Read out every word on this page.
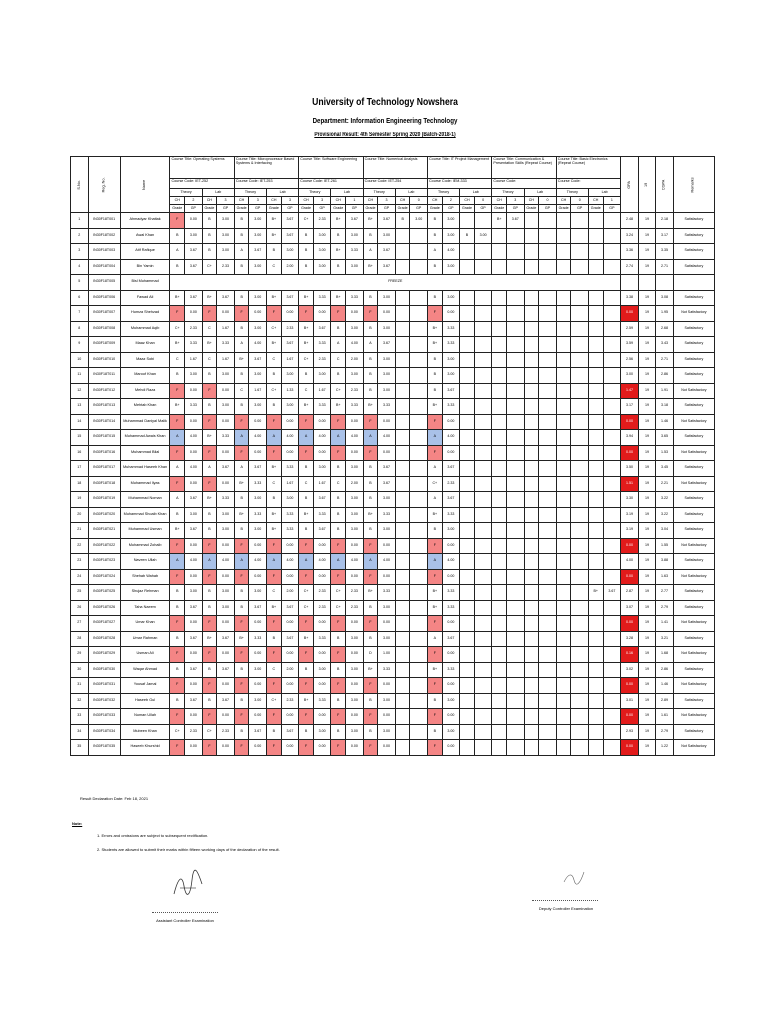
University of Technology Nowshera
Department: Information Engineering Technology
Provisional Result: 4th Semester Spring 2020 (Batch-2018-1)
S.No.	Reg. No.	Name	Course Title: Operating Systems				Course Title: Microprocessor Based Systems & Interfacing				Course Title: Software Engineering				Course Title: Numerical Analysis				Course Title: IT Project Management				Course Title: Communication & Presentation Skills (Repeat Course)				Course Title: Basic Electronics (Repeat Course)				GPA	19	CGPA	Remarks
			Course Code: IET-252				Course Code: IET-253				Course Code: IET-261				Course Code: IET-254				Course Code: IEM-333				Course Code:				Course Code:							
			Theory		Lab		Theory		Lab		Theory		Lab		Theory		Lab		Theory		Lab		Theory		Lab		Theory		Lab					
			CH	2	CH	3	CH	3	CH	3	CH	3	CH	1	CH	3	CH	0	CH	2	CH	0	CH	3	CH	0	CH	0	CH	1				
			Grade	GP	Grade	GP	Grade	GP	Grade	GP	Grade	GP	Grade	GP	Grade	GP	Grade	GP	Grade	GP	Grade	GP	Grade	GP	Grade	GP	Grade	GP	Grade	GP				
1	IN30F18T001	Ahmadyar Khattak	F	0.00	B	3.00	B	3.00	B+	3.67	C+	2.33	B+	3.67	B+	3.67	B	3.00	B	3.00			B+	3.67							2.48	19	2.18	Satisfactory
2	IN30F18T002	Awal Khan	B	3.00	B	3.00	B	3.00	B+	3.67	B	3.00	B	3.00	B	3.00			B	3.00	B	3.00									3.24	19	3.17	Satisfactory
3	IN30F18T003	Atif Rafique	A	3.67	B	3.00	A	3.67	B	3.00	B	3.00	B+	3.33	A	3.67			A	4.00											3.36	19	3.35	Satisfactory
4	IN30F18T004	Bin Yamin	B	3.67	C+	2.33	B	3.00	C	2.00	B	3.00	B	3.00	B+	3.67			B	3.00											2.74	19	2.71	Satisfactory
5	IN30F18T005	Bisl Muhammad	FREEZE																															
6	IN30F18T006	Fawad Ali	B+	3.67	B+	3.67	B	3.00	B+	3.67	B+	3.33	B+	3.33	B	3.00			B	3.00											3.38	19	3.08	Satisfactory
7	IN30F18T007	Humza Shehzad	F	0.00	F	0.00	F	0.00	F	0.00	F	0.00	F	0.00	F	0.00			F	0.00											0.00	19	1.95	Not Satisfactory
8	IN30F18T008	Muhammad Aqib	C+	2.33	C	1.67	B	3.00	C+	2.33	B+	3.67	B	3.00	B	3.00			B+	3.33											2.59	19	2.68	Satisfactory
9	IN30F18T009	Maaz Khan	B+	3.33	B+	3.33	A	4.00	B+	3.67	B+	3.33	A	4.00	A	3.67			B+	3.33											3.59	19	3.43	Satisfactory
10	IN30F18T010	Maaz Sobi	C	1.67	C	1.67	B+	3.67	C	1.67	C+	2.33	C	2.00	B	3.00			B	3.00											2.56	19	2.71	Satisfactory
11	IN30F18T011	Maroof Khan	B	3.00	B	3.00	B	3.00	B	3.00	B	3.00	B	3.00	B	3.00			B	3.00											3.00	19	2.86	Satisfactory
12	IN30F18T012	Mehdi Raza	F	0.00	F	0.00	C	1.67	C+	1.33	C	1.67	C+	2.33	B	3.00			B	3.67											1.47	19	1.91	Not Satisfactory
13	IN30F18T013	Mehtab Khan	B+	3.33	B	3.00	B	3.00	B	3.00	B+	3.33	B+	3.33	B+	3.33			B+	3.33											3.17	19	3.18	Satisfactory
14	IN30F18T014	Muhammad Daniyal Malik	F	0.00	F	0.00	F	0.00	F	0.00	F	0.00	F	0.00	F	0.00			F	0.00											0.00	19	1.46	Not Satisfactory
15	IN30F18T015	Muhammad Awais Khan	A	4.00	B+	3.33	A	4.00	A	4.00	A	4.00	A	4.00	A	4.00			A	4.00											3.94	19	3.65	Satisfactory
16	IN30F18T016	Muhammad Bilal	F	0.00	F	0.00	F	0.00	F	0.00	F	0.00	F	0.00	F	0.00			F	0.00											0.00	19	1.53	Not Satisfactory
17	IN30F18T017	Muhammad Haseeb Khan	A	4.00	A	3.67	A	3.67	B+	3.33	B	3.00	B	3.00	B	3.67			A	3.67											3.50	19	3.45	Satisfactory
18	IN30F18T018	Muhammad Ilyas	F	0.00	F	0.00	B+	3.33	C	1.67	C	1.67	C	2.00	B	3.67			C+	2.33											1.51	19	2.21	Not Satisfactory
19	IN30F18T019	Muhammad Noman	A	3.67	B+	3.33	B	3.00	B	3.00	B	3.67	B	3.00	B	3.00			A	3.67											3.30	19	3.22	Satisfactory
20	IN30F18T020	Muhammad Shoaib Khan	B	3.00	B	3.00	B+	3.33	B+	3.33	B+	3.33	B	3.00	B+	3.33			B+	3.33											3.19	19	3.22	Satisfactory
21	IN30F18T021	Muhammad Usman	B+	3.67	B	3.00	B	3.00	B+	3.33	B	3.67	B	3.00	B	3.00			B	3.00											3.19	19	3.04	Satisfactory
22	IN30F18T022	Muhammad Zohaib	F	0.00	F	0.00	F	0.00	F	0.00	F	0.00	F	0.00	F	0.00			F	0.00											0.00	19	1.55	Not Satisfactory
23	IN30F18T023	Naveen Ullah	A	4.00	A	4.00	A	4.00	A	4.00	A	4.00	A	4.00	A	4.00			A	4.00											4.00	19	3.88	Satisfactory
24	IN30F18T024	Shehab Wahab	F	0.00	F	0.00	F	0.00	F	0.00	F	0.00	F	0.00	F	0.00			F	0.00											0.00	19	1.63	Not Satisfactory
25	IN30F18T025	Shujaz Rehman	B	3.00	B	3.00	B	3.00	C	2.00	C+	2.33	C+	2.33	B+	3.33			B+	3.33									B+	3.67	2.87	19	2.77	Satisfactory
26	IN30F18T026	Taha Naeem	B	3.67	B	3.00	B	3.67	B+	3.67	C+	2.33	C+	2.33	B	3.00			B+	3.33											3.07	19	2.79	Satisfactory
27	IN30F18T027	Umar Khan	F	0.00	F	0.00	F	0.00	F	0.00	F	0.00	F	0.00	F	0.00			F	0.00											0.00	19	1.41	Not Satisfactory
28	IN30F18T028	Umar Rahman	B	3.67	B+	3.67	B+	3.33	B	3.67	B+	3.33	B	3.00	B	3.00			A	3.67											3.28	19	3.21	Satisfactory
29	IN30F18T029	Usman Ali	F	0.00	F	0.00	F	0.00	F	0.00	F	0.00	F	0.00	D	1.00			F	0.00											0.16	19	1.68	Not Satisfactory
30	IN30F18T030	Waqar Ahmad	B	3.67	B	3.67	B	3.00	C	2.00	B	3.00	B	3.00	B+	3.33			B+	3.33											3.02	19	2.86	Satisfactory
31	IN30F18T031	Yousaf Jamal	F	0.00	F	0.00	F	0.00	F	0.00	F	0.00	F	0.00	F	0.00			F	0.00											0.00	19	1.46	Not Satisfactory
32	IN30F18T032	Haseeb Gul	B	3.67	B	3.67	B	3.00	C+	2.33	B+	3.33	B	3.00	B	3.00			B	3.00											3.01	19	2.89	Satisfactory
33	IN30F18T033	Numan Ullah	F	0.00	F	0.00	F	0.00	F	0.00	F	0.00	F	0.00	F	0.00			F	0.00											0.00	19	1.61	Not Satisfactory
34	IN30F18T034	Mubeen Khan	C+	2.33	C+	2.33	B	3.67	B	3.67	B	3.00	B	3.00	B	3.00			B	3.00											2.93	19	2.79	Satisfactory
35	IN30F18T035	Haseeb Khurshid	F	0.00	F	0.00	F	0.00	F	0.00	F	0.00	F	0.00	F	0.00			F	0.00											0.00	19	1.22	Not Satisfactory
Result Declaration Date: Feb 18, 2021
Note:
1. Errors and omissions are subject to subsequent rectification.
2. Students are allowed to submit their marks within fifteen working days of the declaration of the result.
Assistant Controller Examination
Deputy Controller Examination
